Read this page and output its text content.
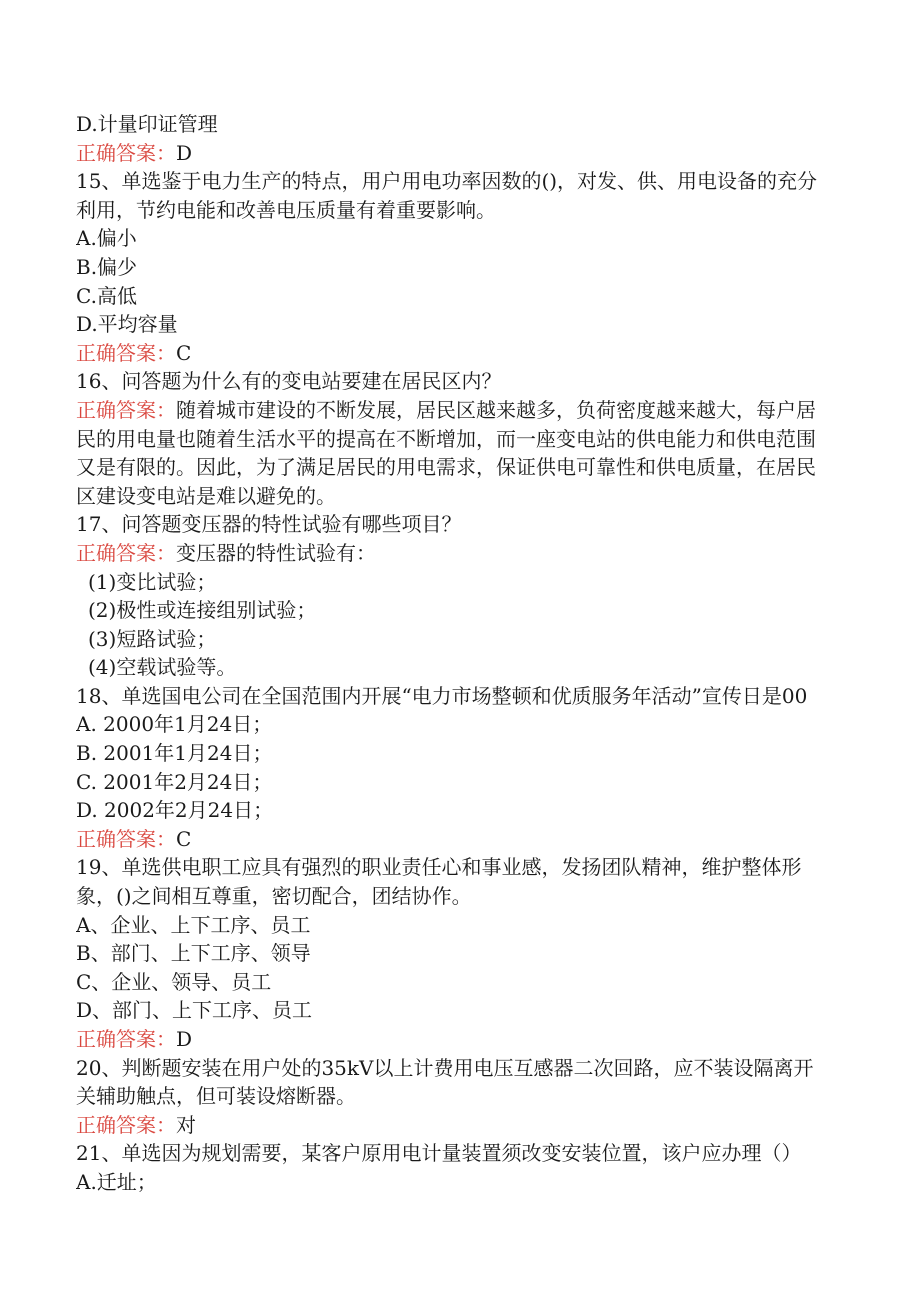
D.计量印证管理
正确答案：D
15、单选鉴于电力生产的特点，用户用电功率因数的()，对发、供、用电设备的充分
利用，节约电能和改善电压质量有着重要影响。
A.偏小
B.偏少
C.高低
D.平均容量
正确答案：C
16、问答题为什么有的变电站要建在居民区内？
正确答案：随着城市建设的不断发展，居民区越来越多，负荷密度越来越大，每户居
民的用电量也随着生活水平的提高在不断增加，而一座变电站的供电能力和供电范围
又是有限的。因此，为了满足居民的用电需求，保证供电可靠性和供电质量，在居民
区建设变电站是难以避免的。
17、问答题变压器的特性试验有哪些项目？
正确答案：变压器的特性试验有：
(1)变比试验；
(2)极性或连接组别试验；
(3)短路试验；
(4)空载试验等。
18、单选国电公司在全国范围内开展“电力市场整顿和优质服务年活动”宣传日是00
A. 2000年1月24日；
B. 2001年1月24日；
C. 2001年2月24日；
D. 2002年2月24日；
正确答案：C
19、单选供电职工应具有强烈的职业责任心和事业感，发扬团队精神，维护整体形
象，()之间相互尊重，密切配合，团结协作。
A、企业、上下工序、员工
B、部门、上下工序、领导
C、企业、领导、员工
D、部门、上下工序、员工
正确答案：D
20、判断题安装在用户处的35kV以上计费用电压互感器二次回路，应不装设隔离开
关辅助触点，但可装设熔断器。
正确答案：对
21、单选因为规划需要，某客户原用电计量装置须改变安装位置，该户应办理（）
A.迁址；
